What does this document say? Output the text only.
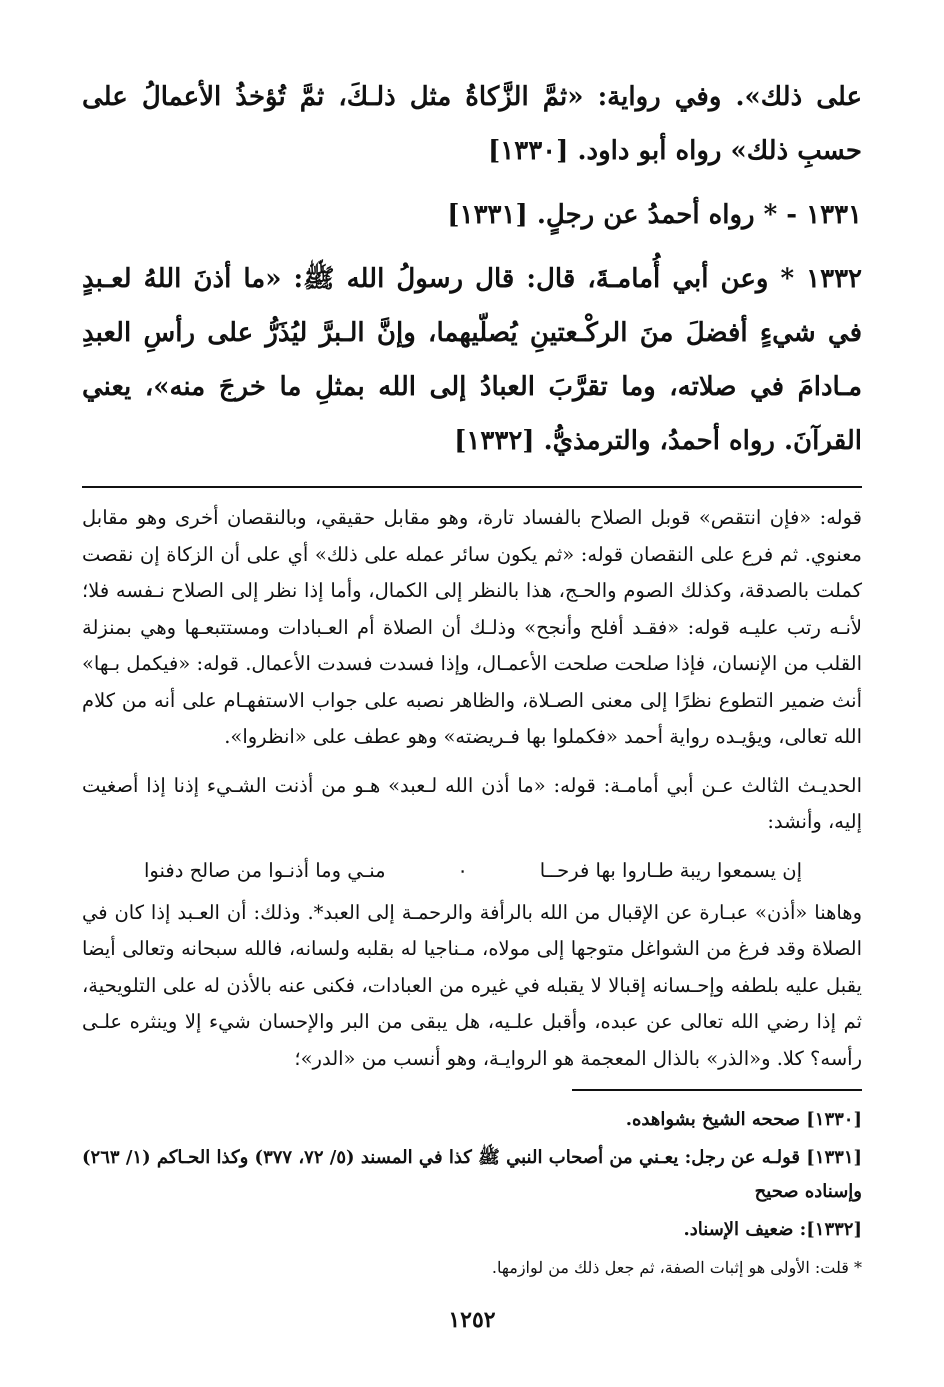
على ذلك». وفي رواية: «ثمَّ الزَّكاةُ مثل ذلـكَ، ثمَّ تُؤخذُ الأعمالُ على حسبِ ذلك» رواه أبو داود. [١٣٣٠]

١٣٣١ - * رواه أحمدُ عن رجلٍ. [١٣٣١]

١٣٣٢ * وعن أبي أُمامـةَ، قال: قال رسولُ الله ﷺ: «ما أذنَ اللهُ لعـبدٍ في شيءٍ أفضلَ منَ الركْـعتينِ يُصلّيهما، وإنَّ الـبرَّ ليُذَرُّ على رأسِ العبدِ مـادامَ في صلاته، وما تقرَّبَ العبادُ إلى الله بمثلِ ما خرجَ منه»، يعني القرآنَ. رواه أحمدُ، والترمذيُّ. [١٣٣٢]

قوله: «فإن انتقص» قوبل الصلاح بالفساد تارة، وهو مقابل حقيقي، وبالنقصان أخرى وهو مقابل معنوي. ثم فرع على النقصان قوله: «ثم يكون سائر عمله على ذلك» أي على أن الزكاة إن نقصت كملت بالصدقة، وكذلك الصوم والحـج، هذا بالنظر إلى الكمال، وأما إذا نظر إلى الصلاح نـفسه فلا؛ لأنـه رتب عليـه قوله: «فقـد أفلح وأنجح» وذلـك أن الصلاة أم العـبادات ومستتبعـها وهي بمنزلة القلب من الإنسان، فإذا صلحت صلحت الأعمـال، وإذا فسدت فسدت الأعمال. قوله: «فيكمل بـها» أنث ضمير التطوع نظرًا إلى معنى الصـلاة، والظاهر نصبه على جواب الاستفهـام على أنه من كلام الله تعالى، ويؤيـده رواية أحمد «فكملوا بها فـريضته» وهو عطف على «انظروا».

الحديـث الثالث عـن أبي أمامـة: قوله: «ما أذن الله لـعبد» هـو من أذنت الشـيء إذنا إذا أصغيت إليه، وأنشد:

إن يسمعوا ريبة طـاروا بها فرحــا
٠
منـي وما أذنـوا من صالح دفنوا

وهاهنا «أذن» عبـارة عن الإقبال من الله بالرأفة والرحمـة إلى العبد*. وذلك: أن العـبد إذا كان في الصلاة وقد فرغ من الشواغل متوجها إلى مولاه، مـناجيا له بقلبه ولسانه، فالله سبحانه وتعالى أيضا يقبل عليه بلطفه وإحـسانه إقبالا لا يقبله في غيره من العبادات، فكنى عنه بالأذن له على التلويحية، ثم إذا رضي الله تعالى عن عبده، وأقبل علـيه، هل يبقى من البر والإحسان شيء إلا وينثره علـى رأسه؟ كلا. و«الذر» بالذال المعجمة هو الروايـة، وهو أنسب من «الدر»؛

[١٣٣٠] صححه الشيخ بشواهده.

[١٣٣١] قولـه عن رجل: يعـني من أصحاب النبي ﷺ كذا في المسند (٥/ ٧٢، ٣٧٧) وكذا الحـاكم (١/ ٢٦٣) وإسناده صحيح

[١٣٣٢]: ضعيف الإسناد.

* قلت: الأولى هو إثبات الصفة، ثم جعل ذلك من لوازمها.

١٢٥٢
